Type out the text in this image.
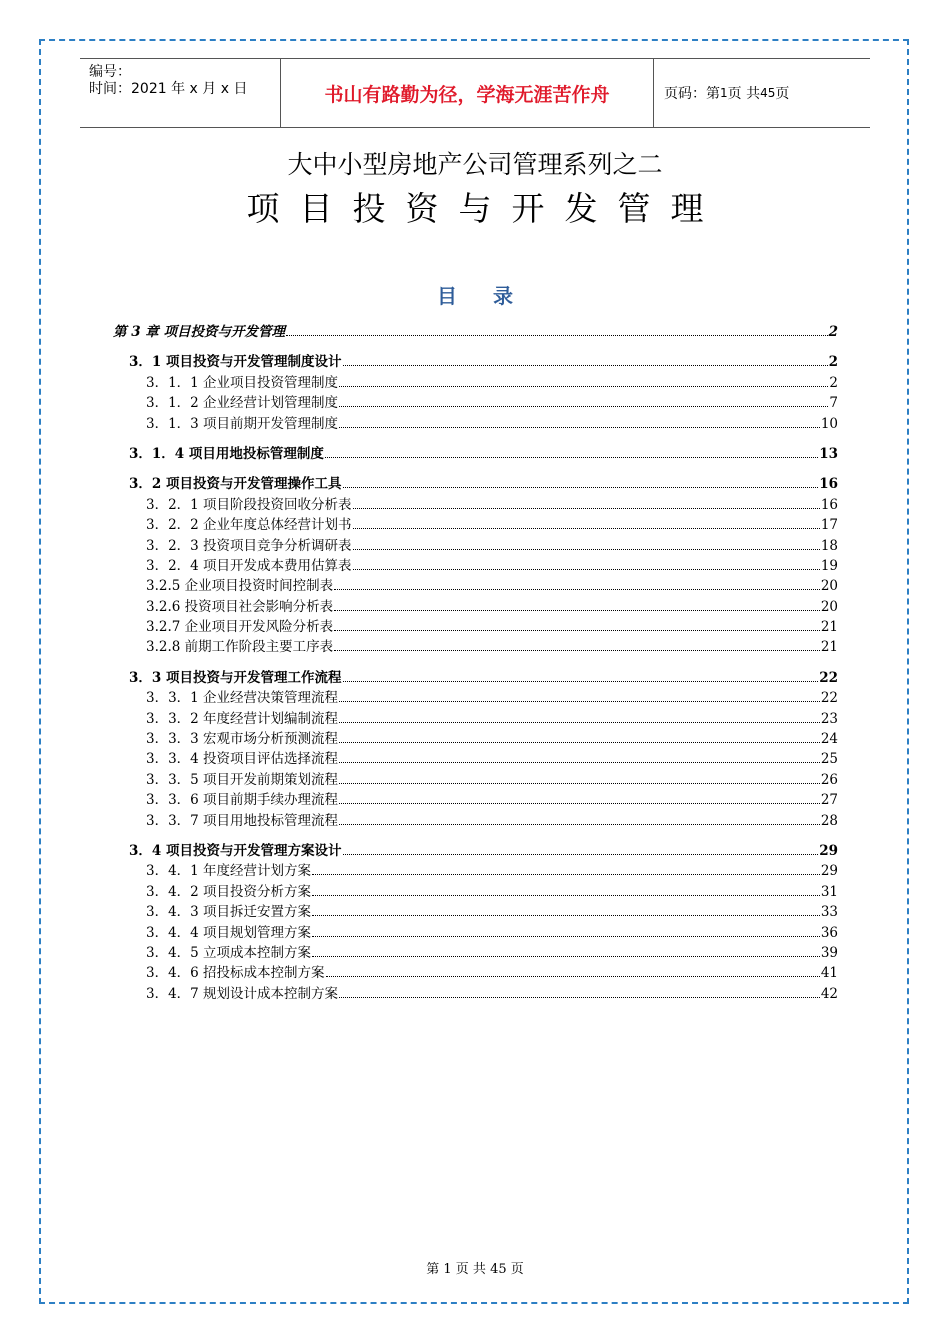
编号：
时间：2021 年 x 月 x 日	书山有路勤为径，学海无涯苦作舟	页码：第 1 页 共 45 页
大中小型房地产公司管理系列之二
项目投资与开发管理
目录
第 3 章 项目投资与开发管理	2
3．1 项目投资与开发管理制度设计	2
3．1．1 企业项目投资管理制度	2
3．1．2 企业经营计划管理制度	7
3．1．3 项目前期开发管理制度	10
3．1．4 项目用地投标管理制度	13
3．2 项目投资与开发管理操作工具	16
3．2．1 项目阶段投资回收分析表	16
3．2．2 企业年度总体经营计划书	17
3．2．3 投资项目竞争分析调研表	18
3．2．4 项目开发成本费用估算表	19
3.2.5 企业项目投资时间控制表	20
3.2.6 投资项目社会影响分析表	20
3.2.7 企业项目开发风险分析表	21
3.2.8 前期工作阶段主要工序表	21
3．3 项目投资与开发管理工作流程	22
3．3．1 企业经营决策管理流程	22
3．3．2 年度经营计划编制流程	23
3．3．3 宏观市场分析预测流程	24
3．3．4 投资项目评估选择流程	25
3．3．5 项目开发前期策划流程	26
3．3．6 项目前期手续办理流程	27
3．3．7 项目用地投标管理流程	28
3．4 项目投资与开发管理方案设计	29
3．4．1 年度经营计划方案	29
3．4．2 项目投资分析方案	31
3．4．3 项目拆迁安置方案	33
3．4．4 项目规划管理方案	36
3．4．5 立项成本控制方案	39
3．4．6 招投标成本控制方案	41
3．4．7 规划设计成本控制方案	42
第 1 页 共 45 页
